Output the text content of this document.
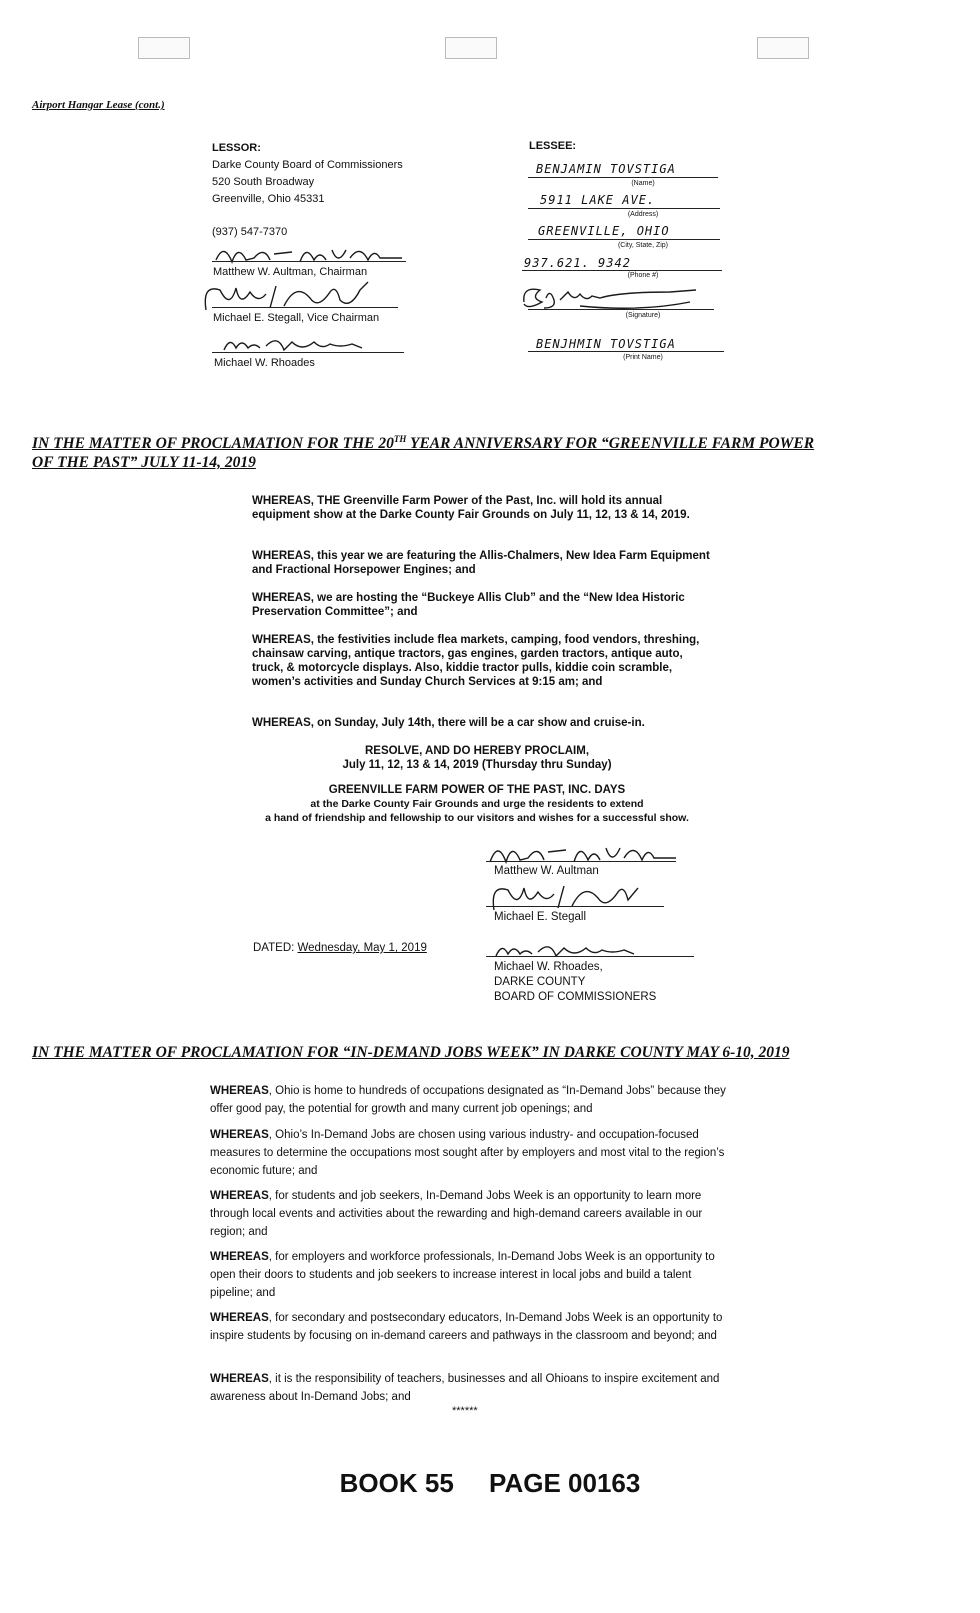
Airport Hangar Lease (cont.)
LESSOR:
Darke County Board of Commissioners
520 South Broadway
Greenville, Ohio 45331
(937) 547-7370
Matthew W. Aultman, Chairman
Michael E. Stegall, Vice Chairman
Michael W. Rhoades
LESSEE:
BENJAMIN TOVSTIGA
(Name)
5911 LAKE AVE.
(Address)
GREENVILLE, OHIO
(City, State, Zip)
937.621. 9342
(Phone #)
(Signature)
BENJHMIN TOVSTIGA
(Print Name)
IN THE MATTER OF PROCLAMATION FOR THE 20TH YEAR ANNIVERSARY FOR “GREENVILLE FARM POWER
OF THE PAST” JULY 11-14, 2019
WHEREAS, THE Greenville Farm Power of the Past, Inc. will hold its annual equipment show at the Darke County Fair Grounds on July 11, 12, 13 & 14, 2019.
WHEREAS, this year we are featuring the Allis-Chalmers, New Idea Farm Equipment and Fractional Horsepower Engines; and
WHEREAS, we are hosting the “Buckeye Allis Club” and the “New Idea Historic Preservation Committee”; and
WHEREAS, the festivities include flea markets, camping, food vendors, threshing, chainsaw carving, antique tractors, gas engines, garden tractors, antique auto, truck, & motorcycle displays. Also, kiddie tractor pulls, kiddie coin scramble, women’s activities and Sunday Church Services at 9:15 am; and
WHEREAS, on Sunday, July 14th, there will be a car show and cruise-in.
RESOLVE, AND DO HEREBY PROCLAIM,
July 11, 12, 13 & 14, 2019 (Thursday thru Sunday)
GREENVILLE FARM POWER OF THE PAST, INC. DAYS
at the Darke County Fair Grounds and urge the residents to extend
a hand of friendship and fellowship to our visitors and wishes for a successful show.
Matthew W. Aultman
Michael E. Stegall
DATED: Wednesday, May 1, 2019
Michael W. Rhoades,
DARKE COUNTY
BOARD OF COMMISSIONERS
IN THE MATTER OF PROCLAMATION FOR “IN-DEMAND JOBS WEEK” IN DARKE COUNTY MAY 6-10, 2019
WHEREAS, Ohio is home to hundreds of occupations designated as “In-Demand Jobs” because they offer good pay, the potential for growth and many current job openings; and
WHEREAS, Ohio’s In-Demand Jobs are chosen using various industry- and occupation-focused measures to determine the occupations most sought after by employers and most vital to the region’s economic future; and
WHEREAS, for students and job seekers, In-Demand Jobs Week is an opportunity to learn more through local events and activities about the rewarding and high-demand careers available in our region; and
WHEREAS, for employers and workforce professionals, In-Demand Jobs Week is an opportunity to open their doors to students and job seekers to increase interest in local jobs and build a talent pipeline; and
WHEREAS, for secondary and postsecondary educators, In-Demand Jobs Week is an opportunity to inspire students by focusing on in-demand careers and pathways in the classroom and beyond; and
WHEREAS, it is the responsibility of teachers, businesses and all Ohioans to inspire excitement and awareness about In-Demand Jobs; and
******
BOOK 55 PAGE 00163
